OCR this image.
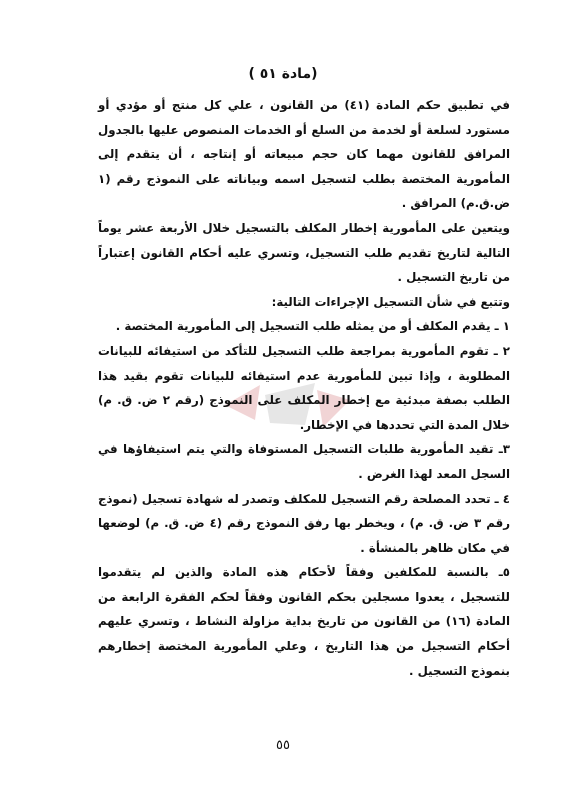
(مادة ٥١ )

في تطبيق حكم المادة (٤١) من القانون ، علي كل منتج أو مؤدي أو مستورد لسلعة أو لخدمة من السلع أو الخدمات المنصوص عليها بالجدول المرافق للقانون مهما كان حجم مبيعاته أو إنتاجه ، أن يتقدم إلى المأمورية المختصة بطلب لتسجيل اسمه وبياناته على النموذج رقم (١ ض.ق.م) المرافق .

ويتعين على المأمورية إخطار المكلف بالتسجيل خلال الأربعة عشر يوماً التالية لتاريخ تقديم طلب التسجيل، وتسري عليه أحكام القانون إعتباراً من تاريخ التسجيل .

وتتبع في شأن التسجيل الإجراءات التالية:

١ ـ يقدم المكلف أو من يمثله طلب التسجيل إلى المأمورية المختصة .

٢ ـ تقوم المأمورية بمراجعة طلب التسجيل للتأكد من استيفائه للبيانات المطلوبة ، وإذا تبين للمأمورية عدم استيفائه للبيانات تقوم بقيد هذا الطلب بصفة مبدئية مع إخطار المكلف على النموذج (رقم ٢ ض. ق. م) خلال المدة التي تحددها في الإخطار.

٣ـ تقيد المأمورية طلبات التسجيل المستوفاة والتي يتم استيفاؤها في السجل المعد لهذا الغرض .

٤ ـ تحدد المصلحة رقم التسجيل للمكلف وتصدر له شهادة تسجيل (نموذج رقم ٣ ض. ق. م) ، ويخطر بها رفق النموذج رقم (٤ ض. ق. م) لوضعها في مكان ظاهر بالمنشأة .

٥ـ بالنسبة للمكلفين وفقاً لأحكام هذه المادة والذين لم يتقدموا للتسجيل ، يعدوا مسجلين بحكم القانون وفقاً لحكم الفقرة الرابعة من المادة (١٦) من القانون من تاريخ بداية مزاولة النشاط ، وتسري عليهم أحكام التسجيل من هذا التاريخ ، وعلي المأمورية المختصة إخطارهم بنموذج التسجيل .

٥٥
